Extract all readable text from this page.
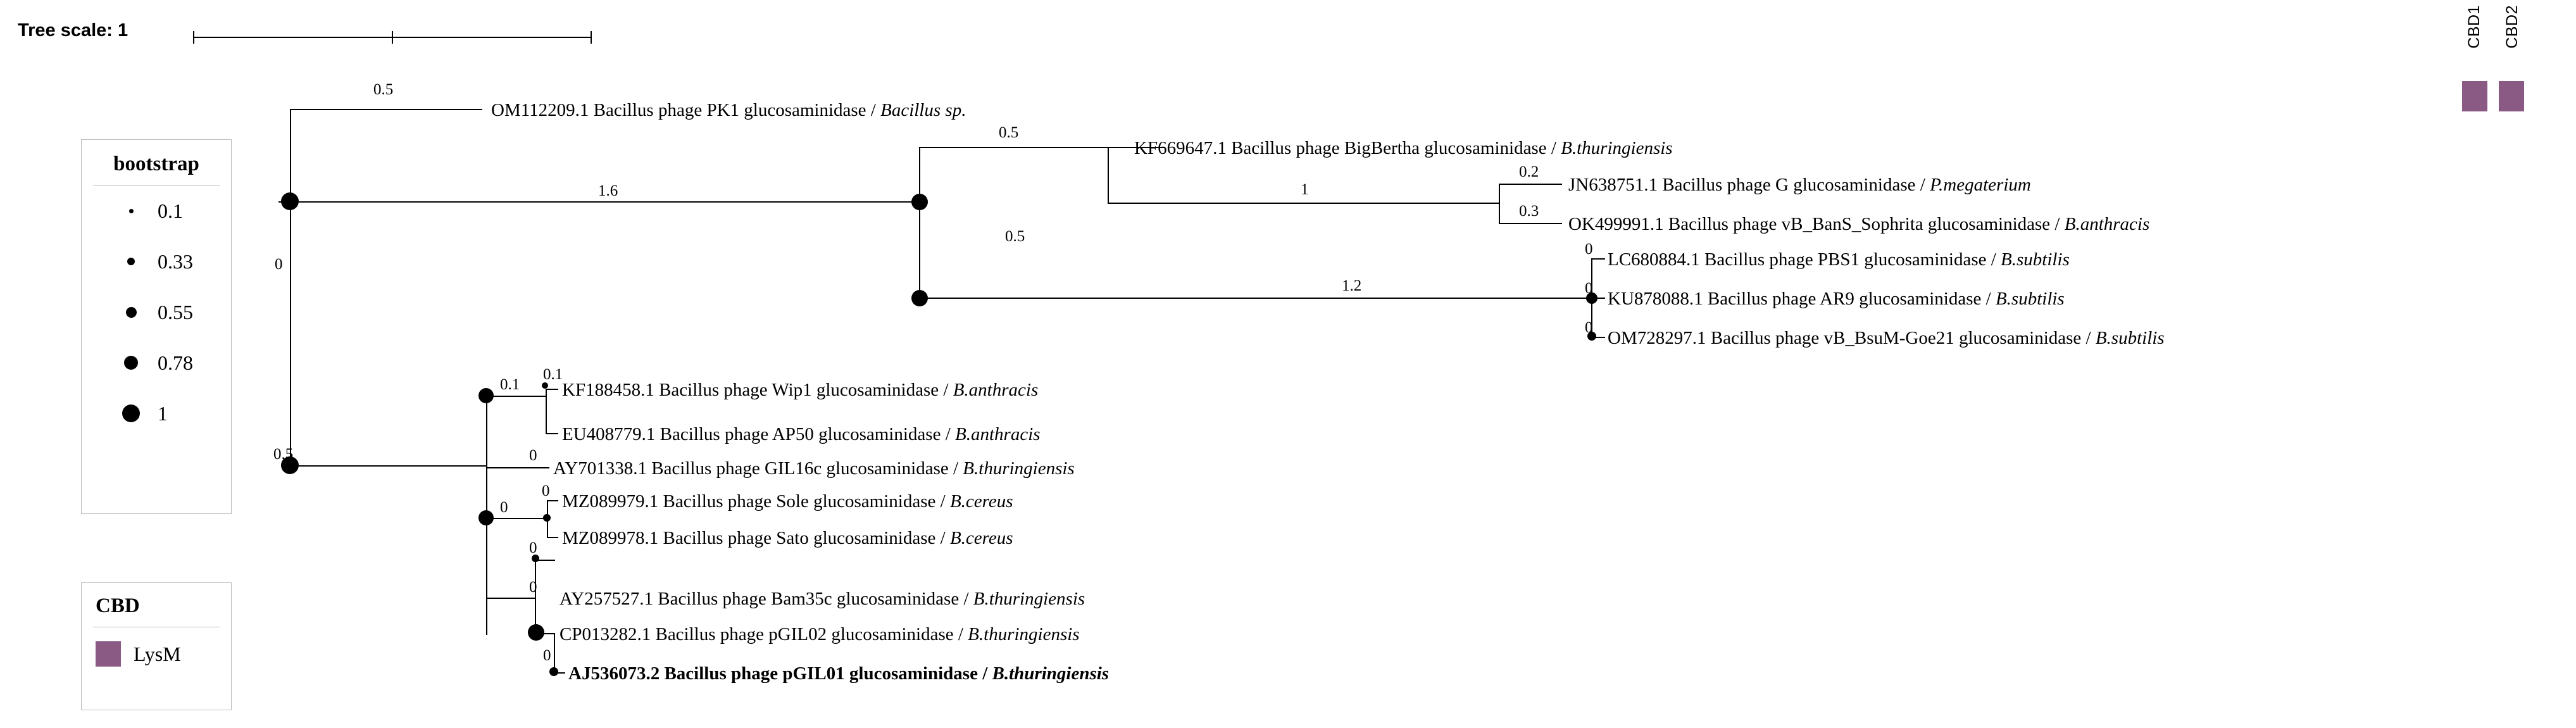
Tree scale: 1
bootstrap
0.1
0.33
0.55
0.78
1
CBD
LysM
CBD1 CBD2
0.5
1.6
0.5
0.5
1
0.2
0.3
1.2
0
0
0
0.5
0
0.1
0.1
0
0
0
0
0
0
OM112209.1 Bacillus phage PK1 glucosaminidase / Bacillus sp.
KF669647.1 Bacillus phage BigBertha glucosaminidase / B.thuringiensis
JN638751.1 Bacillus phage G glucosaminidase / P.megaterium
OK499991.1 Bacillus phage vB_BanS_Sophrita glucosaminidase / B.anthracis
LC680884.1 Bacillus phage PBS1 glucosaminidase / B.subtilis
KU878088.1 Bacillus phage AR9 glucosaminidase / B.subtilis
OM728297.1 Bacillus phage vB_BsuM-Goe21 glucosaminidase / B.subtilis
KF188458.1 Bacillus phage Wip1 glucosaminidase / B.anthracis
EU408779.1 Bacillus phage AP50 glucosaminidase / B.anthracis
AY701338.1 Bacillus phage GIL16c glucosaminidase / B.thuringiensis
MZ089979.1 Bacillus phage Sole glucosaminidase / B.cereus
MZ089978.1 Bacillus phage Sato glucosaminidase / B.cereus
AY257527.1 Bacillus phage Bam35c glucosaminidase / B.thuringiensis
CP013282.1 Bacillus phage pGIL02 glucosaminidase / B.thuringiensis
AJ536073.2 Bacillus phage pGIL01 glucosaminidase / B.thuringiensis
